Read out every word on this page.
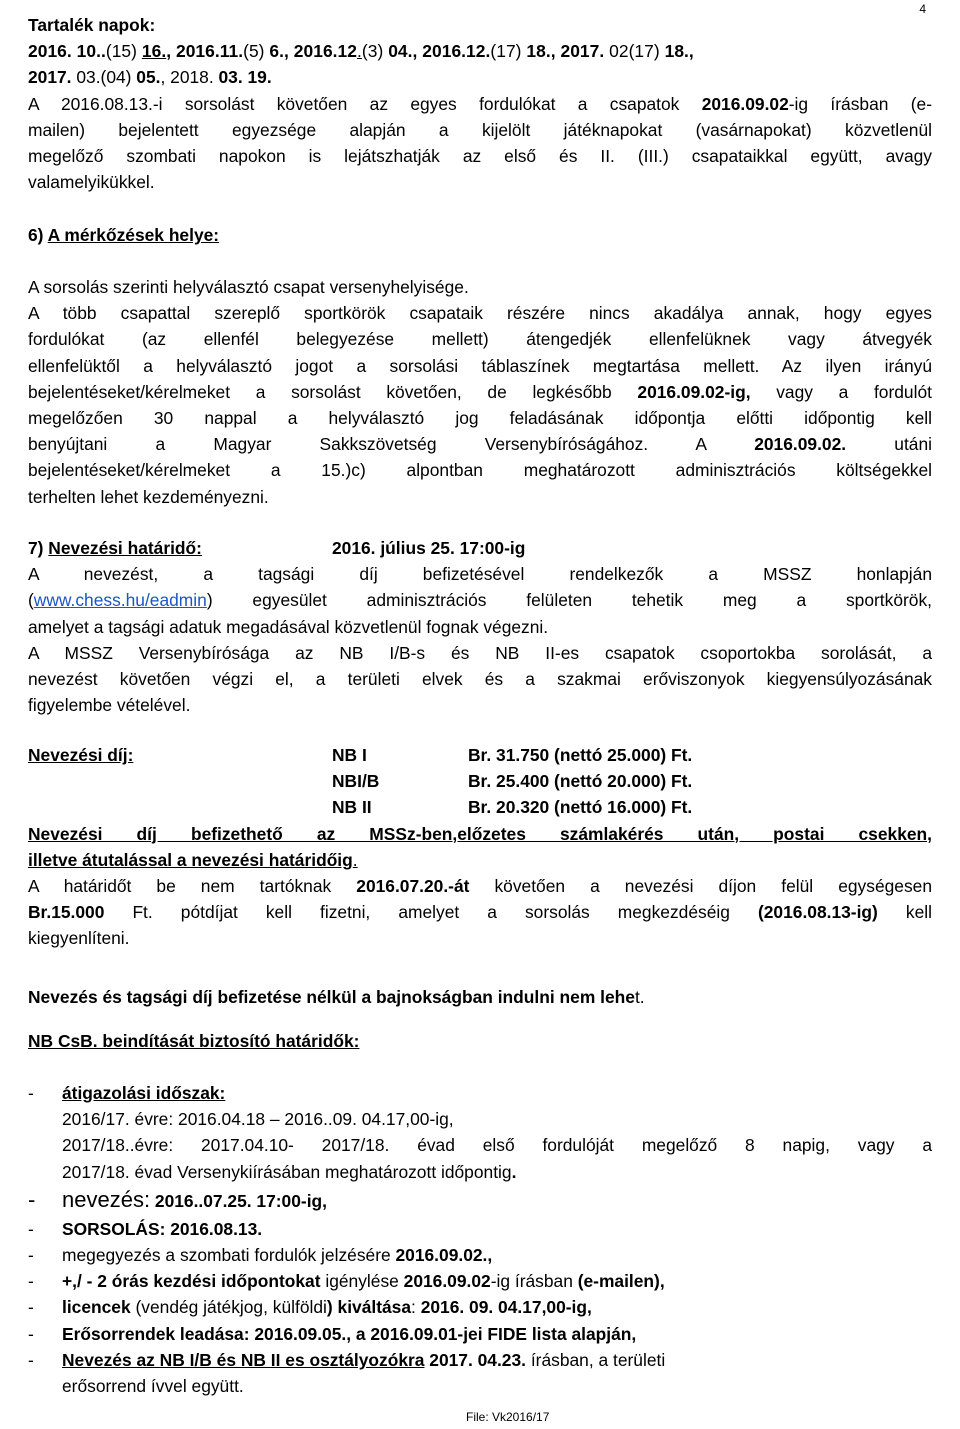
4
Tartalék napok:
2016. 10..(15) 16., 2016.11.(5) 6., 2016.12.(3) 04., 2016.12.(17) 18., 2017. 02(17) 18.,
2017. 03.(04) 05., 2018. 03. 19.
A 2016.08.13.-i sorsolást követően az egyes fordulókat a csapatok 2016.09.02-ig írásban (e-
mailen) bejelentett egyezsége alapján a kijelölt játéknapokat (vasárnapokat) közvetlenül
megelőző szombati napokon is lejátszhatják az első és II. (III.) csapataikkal együtt, avagy
valamelyikükkel.
6) A mérkőzések helye:
A sorsolás szerinti helyválasztó csapat versenyhelyisége.
A több csapattal szereplő sportkörök csapataik részére nincs akadálya annak, hogy egyes
fordulókat (az ellenfél belegyezése mellett) átengedjék ellenfelüknek vagy átvegyék
ellenfelüktől a helyválasztó jogot a sorsolási táblaszínek megtartása mellett. Az ilyen irányú
bejelentéseket/kérelmeket a sorsolást követően, de legkésőbb 2016.09.02-ig, vagy a fordulót
megelőzően 30 nappal a helyválasztó jog feladásának időpontja előtti időpontig kell
benyújtani a Magyar Sakkszövetség Versenybíróságához. A 2016.09.02. utáni
bejelentéseket/kérelmeket a 15.)c) alpontban meghatározott adminisztrációs költségekkel
terhelten lehet kezdeményezni.
7) Nevezési határidő:	2016. július 25. 17:00-ig
A nevezést, a tagsági díj befizetésével rendelkezők a MSSZ honlapján
(www.chess.hu/eadmin) egyesület adminisztrációs felületen tehetik meg a sportkörök,
amelyet a tagsági adatuk megadásával közvetlenül fognak végezni.
A MSSZ Versenybírósága az NB I/B-s és NB II-es csapatok csoportokba sorolását, a
nevezést követően végzi el, a területi elvek és a szakmai erőviszonyok kiegyensúlyozásának
figyelembe vételével.
Nevezési díj:	NB I	Br. 31.750 (nettó 25.000) Ft.
NBI/B	Br. 25.400 (nettó 20.000) Ft.
NB II	Br. 20.320 (nettó 16.000) Ft.
Nevezési díj befizethető az MSSz-ben,előzetes számlakérés után, postai csekken,
illetve átutalással a nevezési határidőig.
A határidőt be nem tartóknak 2016.07.20.-át követően a nevezési díjon felül egységesen
Br.15.000 Ft. pótdíjat kell fizetni, amelyet a sorsolás megkezdéséig (2016.08.13-ig) kell
kiegyenlíteni.
Nevezés és tagsági díj befizetése nélkül a bajnokságban indulni nem lehet.
NB CsB. beindítását biztosító határidők:
- átigazolási időszak:
2016/17. évre: 2016.04.18 – 2016..09. 04.17,00-ig,
2017/18..évre: 2017.04.10- 2017/18. évad első fordulóját megelőző 8 napig, vagy a
2017/18. évad Versenykiírásában meghatározott időpontig.
- nevezés: 2016..07.25. 17:00-ig,
- SORSOLÁS: 2016.08.13.
- megegyezés a szombati fordulók jelzésére 2016.09.02.,
- +,/ - 2 órás kezdési időpontokat igénylése 2016.09.02-ig írásban (e-mailen),
- licencek (vendég játékjog, külföldi) kiváltása: 2016. 09. 04.17,00-ig,
- Erősorrendek leadása: 2016.09.05., a 2016.09.01-jei FIDE lista alapján,
- Nevezés az NB I/B és NB II es osztályozókra 2017. 04.23. írásban, a területi
erősorrend ívvel együtt.
File: Vk2016/17
